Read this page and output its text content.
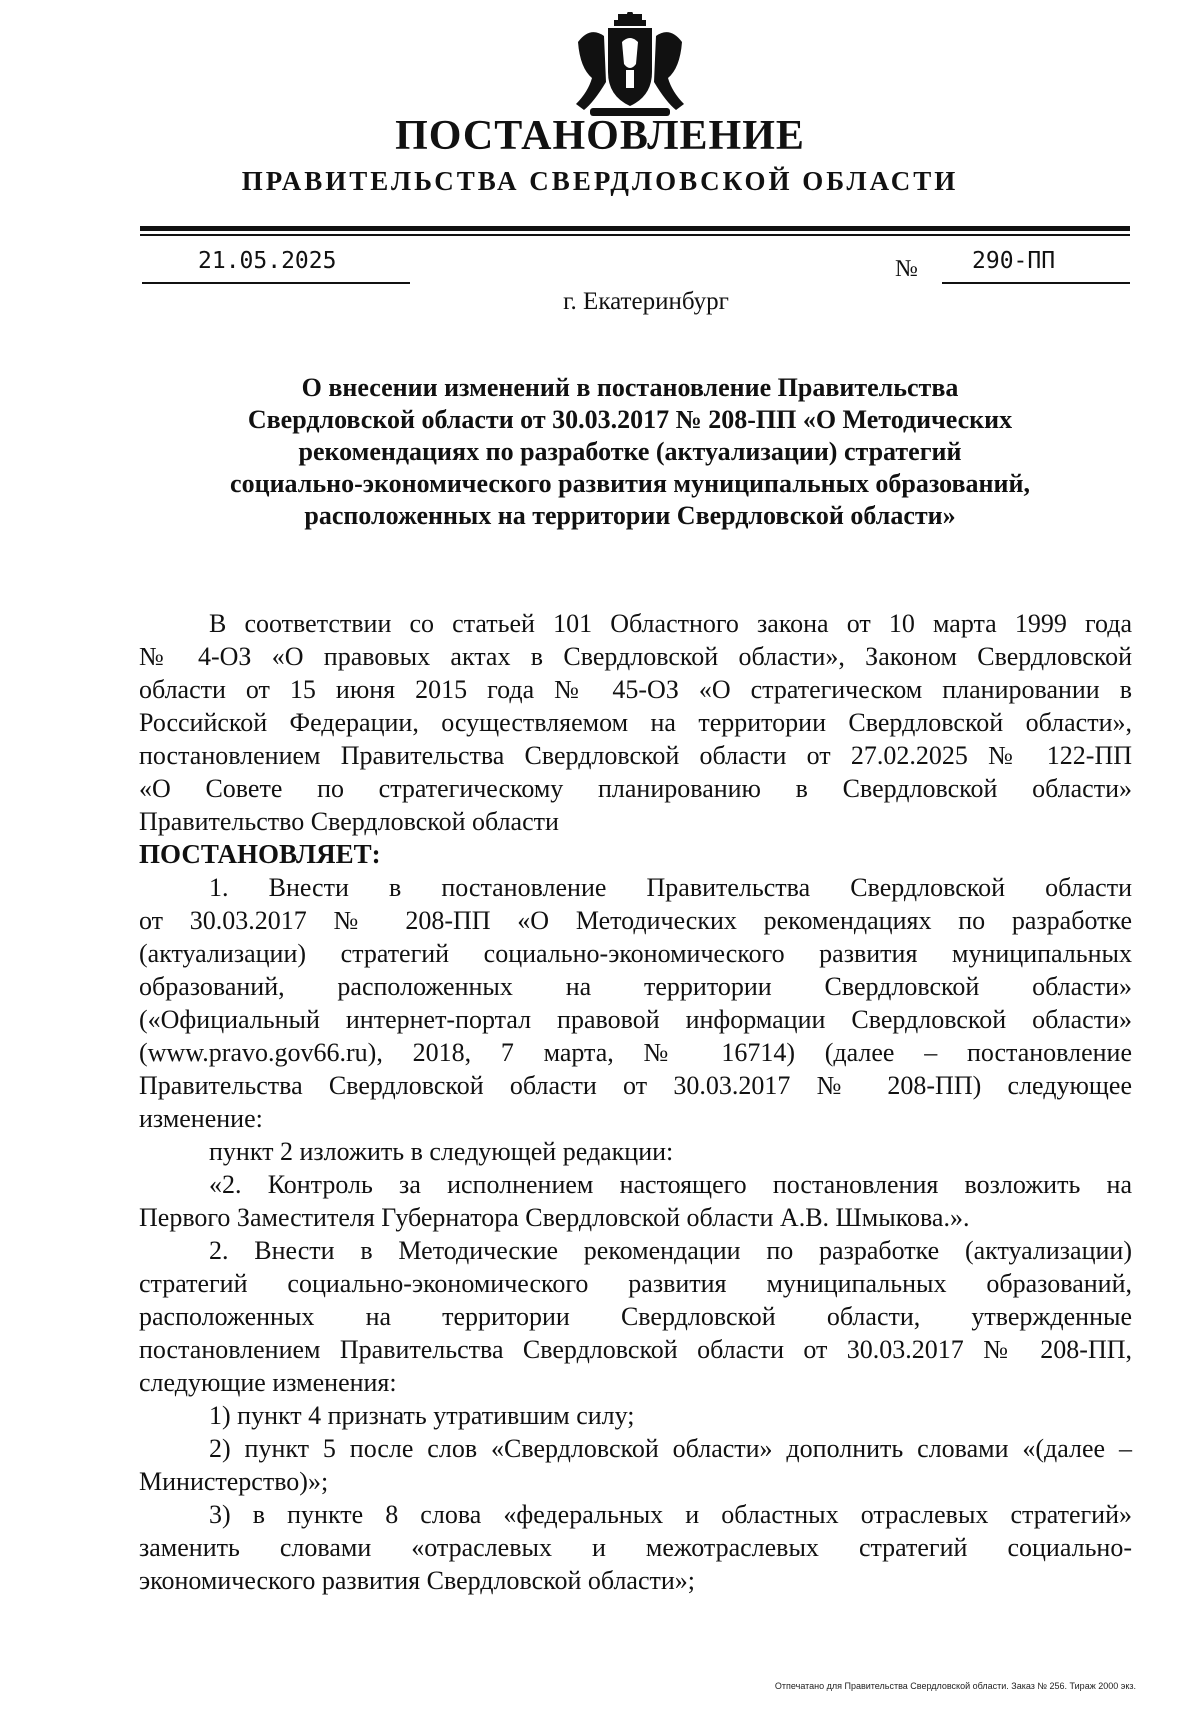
ПОСТАНОВЛЕНИЕ
ПРАВИТЕЛЬСТВА СВЕРДЛОВСКОЙ ОБЛАСТИ
21.05.2025	№ 290-ПП
г. Екатеринбург
О внесении изменений в постановление Правительства
Свердловской области от 30.03.2017 № 208-ПП «О Методических
рекомендациях по разработке (актуализации) стратегий
социально-экономического развития муниципальных образований,
расположенных на территории Свердловской области»
В соответствии со статьей 101 Областного закона от 10 марта 1999 года
№ 4-ОЗ «О правовых актах в Свердловской области», Законом Свердловской
области от 15 июня 2015 года № 45-ОЗ «О стратегическом планировании в
Российской Федерации, осуществляемом на территории Свердловской области»,
постановлением Правительства Свердловской области от 27.02.2025 № 122-ПП
«О Совете по стратегическому планированию в Свердловской области»
Правительство Свердловской области
ПОСТАНОВЛЯЕТ:
1. Внести в постановление Правительства Свердловской области
от 30.03.2017 № 208-ПП «О Методических рекомендациях по разработке
(актуализации) стратегий социально-экономического развития муниципальных
образований, расположенных на территории Свердловской области»
(«Официальный интернет-портал правовой информации Свердловской области»
(www.pravo.gov66.ru), 2018, 7 марта, № 16714) (далее – постановление
Правительства Свердловской области от 30.03.2017 № 208-ПП) следующее
изменение:
пункт 2 изложить в следующей редакции:
«2. Контроль за исполнением настоящего постановления возложить на
Первого Заместителя Губернатора Свердловской области А.В. Шмыкова.».
2. Внести в Методические рекомендации по разработке (актуализации)
стратегий социально-экономического развития муниципальных образований,
расположенных на территории Свердловской области, утвержденные
постановлением Правительства Свердловской области от 30.03.2017 № 208-ПП,
следующие изменения:
1) пункт 4 признать утратившим силу;
2) пункт 5 после слов «Свердловской области» дополнить словами «(далее –
Министерство)»;
3) в пункте 8 слова «федеральных и областных отраслевых стратегий»
заменить словами «отраслевых и межотраслевых стратегий социально-
экономического развития Свердловской области»;
Отпечатано для Правительства Свердловской области. Заказ № 256. Тираж 2000 экз.
